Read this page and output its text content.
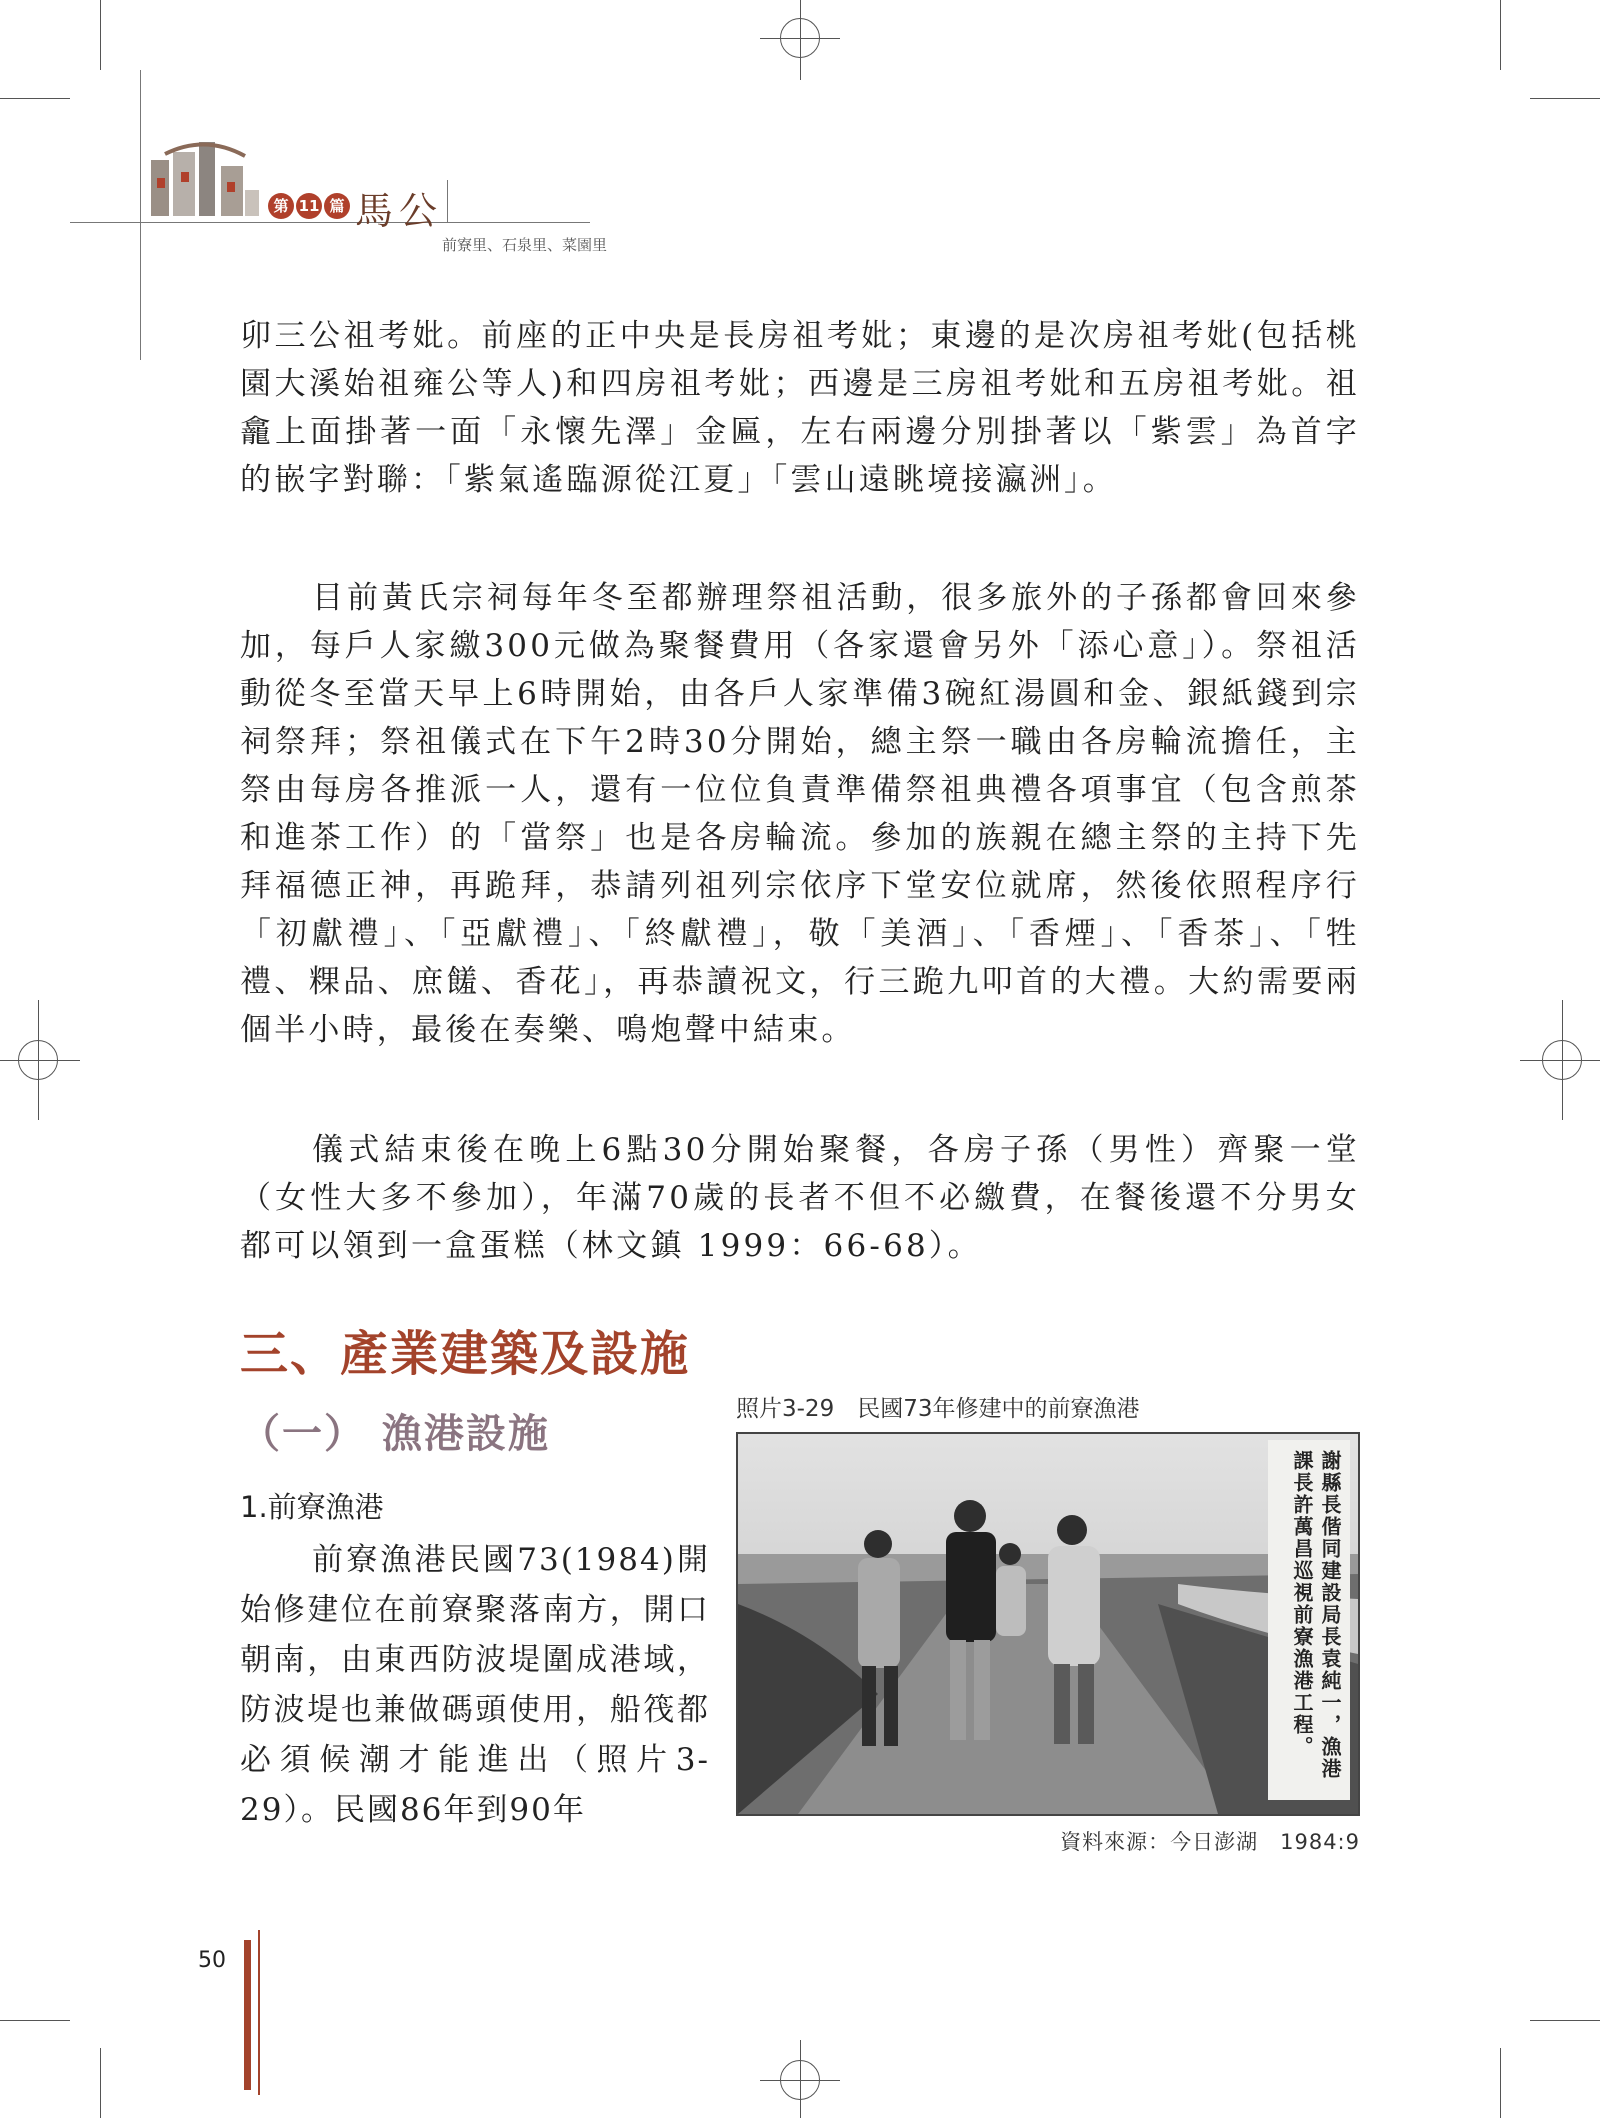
第 11 篇 馬公
前寮里、石泉里、菜園里

卯三公祖考妣。前座的正中央是長房祖考妣；東邊的是次房祖考妣(包括桃園大溪始祖雍公等人)和四房祖考妣；西邊是三房祖考妣和五房祖考妣。祖龕上面掛著一面「永懷先澤」金匾，左右兩邊分別掛著以「紫雲」為首字的嵌字對聯：「紫氣遙臨源從江夏」「雲山遠眺境接瀛洲」。

目前黃氏宗祠每年冬至都辦理祭祖活動，很多旅外的子孫都會回來參加，每戶人家繳300元做為聚餐費用（各家還會另外「添心意」）。祭祖活動從冬至當天早上6時開始，由各戶人家準備3碗紅湯圓和金、銀紙錢到宗祠祭拜；祭祖儀式在下午2時30分開始，總主祭一職由各房輪流擔任，主祭由每房各推派一人，還有一位位負責準備祭祖典禮各項事宜（包含煎茶和進茶工作）的「當祭」也是各房輪流。參加的族親在總主祭的主持下先拜福德正神，再跪拜，恭請列祖列宗依序下堂安位就席，然後依照程序行「初獻禮」、「亞獻禮」、「終獻禮」，敬「美酒」、「香煙」、「香茶」、「牲禮、粿品、庶饈、香花」，再恭讀祝文，行三跪九叩首的大禮。大約需要兩個半小時，最後在奏樂、鳴炮聲中結束。

儀式結束後在晚上6點30分開始聚餐，各房子孫（男性）齊聚一堂（女性大多不參加），年滿70歲的長者不但不必繳費，在餐後還不分男女都可以領到一盒蛋糕（林文鎮 1999：66-68）。

三、產業建築及設施
（一） 漁港設施
1.前寮漁港

前寮漁港民國73(1984)開始修建位在前寮聚落南方，開口朝南，由東西防波堤圍成港域，防波堤也兼做碼頭使用，船筏都必須候潮才能進出（照片3-29）。民國86年到90年

照片3-29　民國73年修建中的前寮漁港
謝縣長偕同建設局長袁純一，漁港課長許萬昌巡視前寮漁港工程。
資料來源：今日澎湖　1984:9
50
